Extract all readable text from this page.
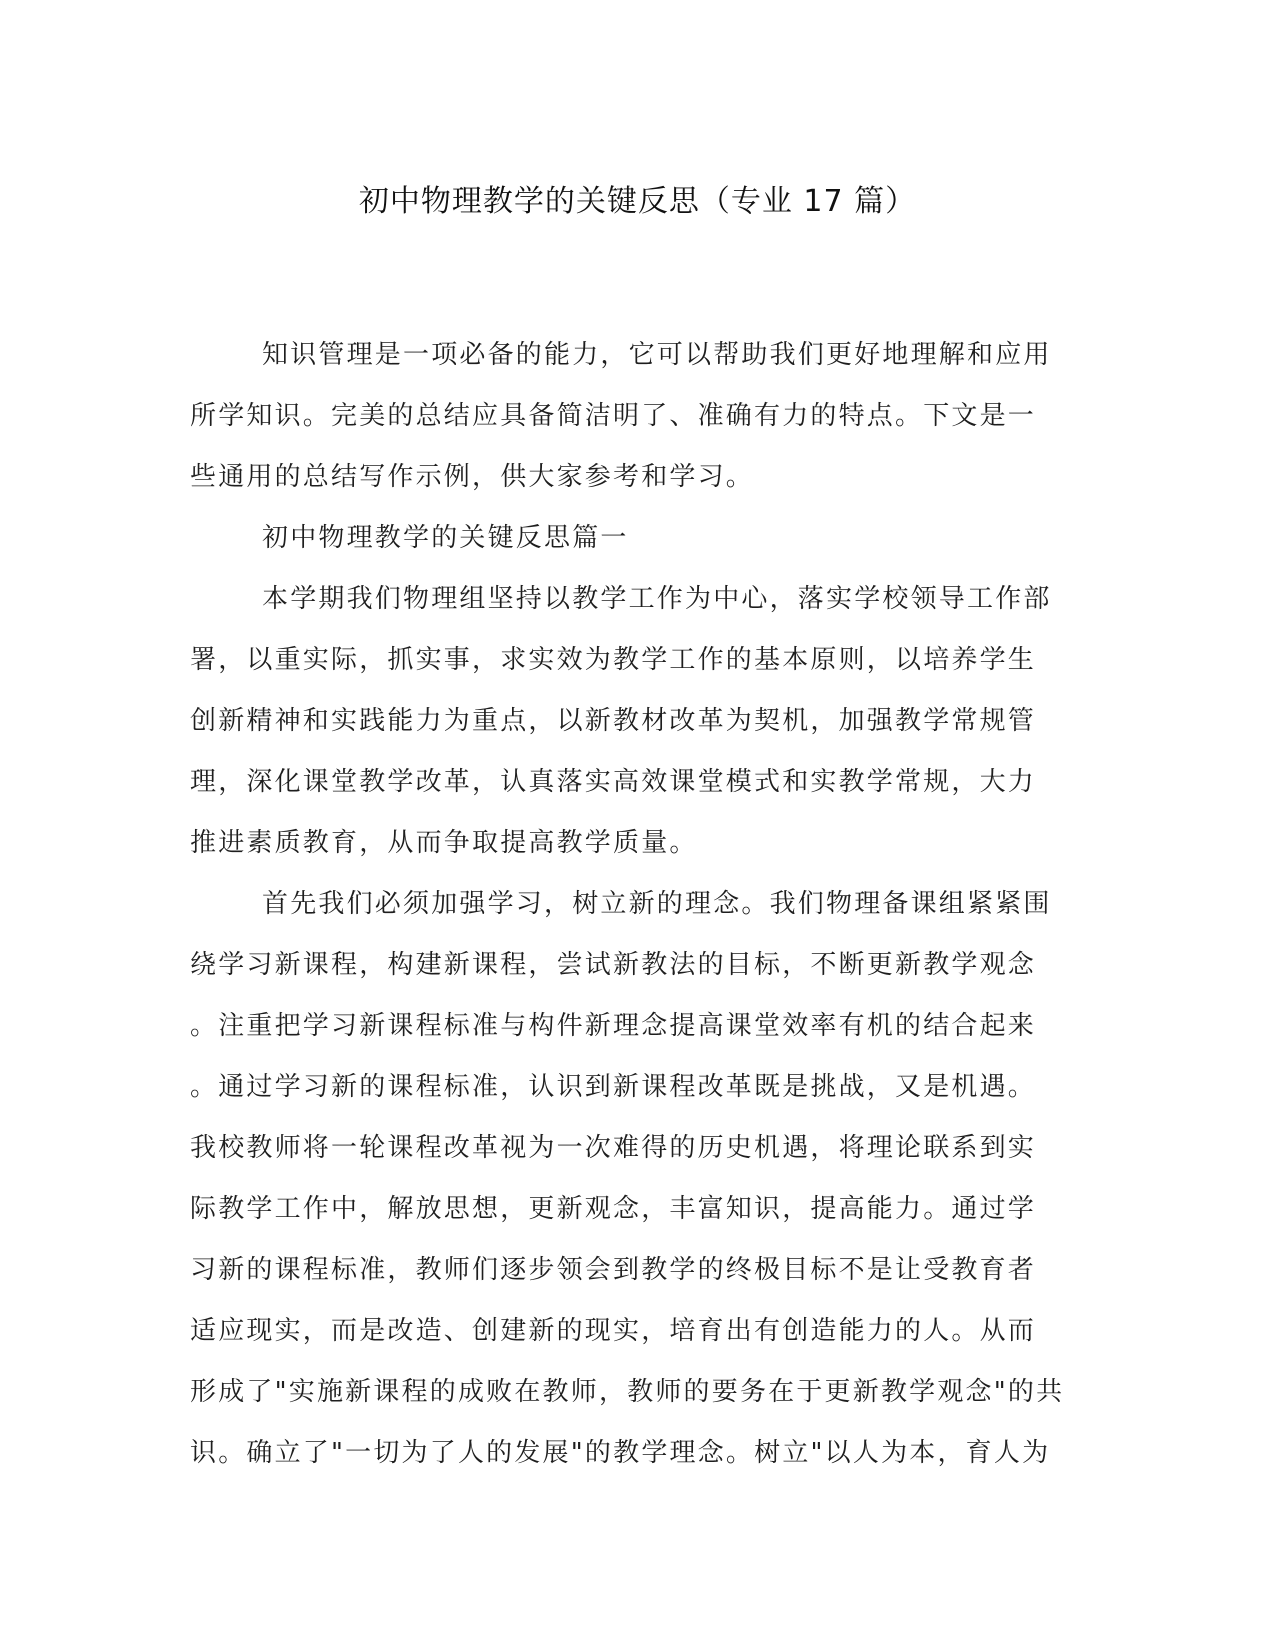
初中物理教学的关键反思（专业 17 篇）
知识管理是一项必备的能力，它可以帮助我们更好地理解和应用
所学知识。完美的总结应具备简洁明了、准确有力的特点。下文是一
些通用的总结写作示例，供大家参考和学习。
初中物理教学的关键反思篇一
本学期我们物理组坚持以教学工作为中心，落实学校领导工作部
署，以重实际，抓实事，求实效为教学工作的基本原则，以培养学生
创新精神和实践能力为重点，以新教材改革为契机，加强教学常规管
理，深化课堂教学改革，认真落实高效课堂模式和实教学常规，大力
推进素质教育，从而争取提高教学质量。
首先我们必须加强学习，树立新的理念。我们物理备课组紧紧围
绕学习新课程，构建新课程，尝试新教法的目标，不断更新教学观念
。注重把学习新课程标准与构件新理念提高课堂效率有机的结合起来
。通过学习新的课程标准，认识到新课程改革既是挑战，又是机遇。
我校教师将一轮课程改革视为一次难得的历史机遇，将理论联系到实
际教学工作中，解放思想，更新观念，丰富知识，提高能力。通过学
习新的课程标准，教师们逐步领会到教学的终极目标不是让受教育者
适应现实，而是改造、创建新的现实，培育出有创造能力的人。从而
形成了"实施新课程的成败在教师，教师的要务在于更新教学观念"的共
识。确立了"一切为了人的发展"的教学理念。树立"以人为本，育人为
